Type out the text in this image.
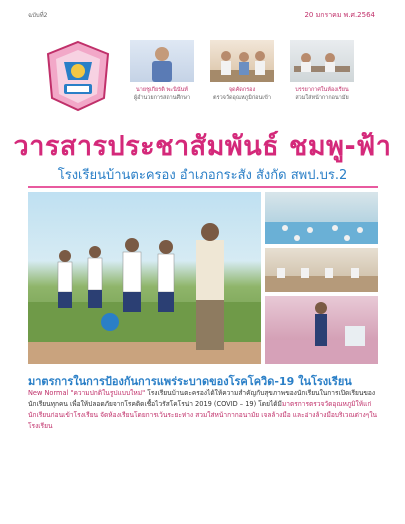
ฉบับที่2	20 มกราคม พ.ศ.2564
นายชูเกียรติ พะนินันท์
ผู้อำนวยการสถานศึกษา
จุดคัดกรอง
ตรวจวัดอุณหภูมิก่อนเข้า
บรรยากาศในห้องเรียน
สวมใส่หน้ากากอนามัย
วารสารประชาสัมพันธ์ ชมพู-ฟ้า
โรงเรียนบ้านตะครอง อำเภอกระสัง สังกัด สพป.บร.2
มาตรการในการป้องกันการแพร่ระบาดของโรคโควิด-19 ในโรงเรียน
New Normal "ความปกติในรูปแบบใหม่" โรงเรียนบ้านตะครองได้ให้ความสำคัญกับสุขภาพของนักเรียนในการเปิดเรียนของนักเรียนทุกคน เพื่อให้ปลอดภัยจากโรคติดเชื้อไวรัสโคโรน่า 2019 (COVID – 19) โดยได้มีมาตรการตรวจวัดอุณหภูมิให้แก่นักเรียนก่อนเข้าโรงเรียน จัดห้องเรียนโดยการเว้นระยะห่าง สวมใส่หน้ากากอนามัย เจลล้างมือ และอ่างล้างมือบริเวณต่างๆในโรงเรียน
